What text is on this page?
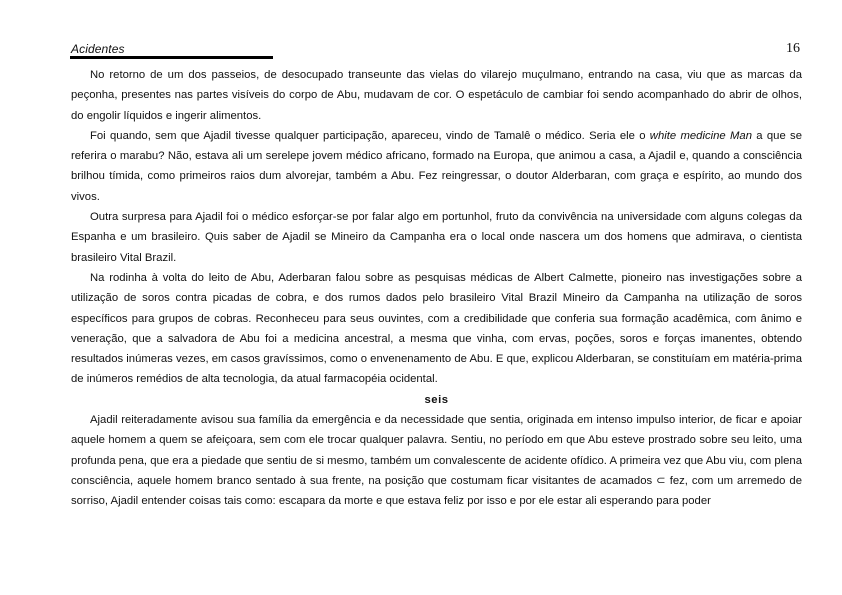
Acidentes	16

No retorno de um dos passeios, de desocupado transeunte das vielas do vilarejo muçulmano, entrando na casa, viu que as marcas da peçonha, presentes nas partes visíveis do corpo de Abu, mudavam de cor. O espetáculo de cambiar foi sendo acompanhado do abrir de olhos, do engolir líquidos e ingerir alimentos.

Foi quando, sem que Ajadil tivesse qualquer participação, apareceu, vindo de Tamalê o médico. Seria ele o white medicine Man a que se referira o marabu? Não, estava ali um serelepe jovem médico africano, formado na Europa, que animou a casa, a Ajadil e, quando a consciência brilhou tímida, como primeiros raios dum alvorejar, também a Abu. Fez reingressar, o doutor Alderbaran, com graça e espírito, ao mundo dos vivos.

Outra surpresa para Ajadil foi o médico esforçar-se por falar algo em portunhol, fruto da convivência na universidade com alguns colegas da Espanha e um brasileiro. Quis saber de Ajadil se Mineiro da Campanha era o local onde nascera um dos homens que admirava, o cientista brasileiro Vital Brazil.

Na rodinha à volta do leito de Abu, Aderbaran falou sobre as pesquisas médicas de Albert Calmette, pioneiro nas investigações sobre a utilização de soros contra picadas de cobra, e dos rumos dados pelo brasileiro Vital Brazil Mineiro da Campanha na utilização de soros específicos para grupos de cobras. Reconheceu para seus ouvintes, com a credibilidade que conferia sua formação acadêmica, com ânimo e veneração, que a salvadora de Abu foi a medicina ancestral, a mesma que vinha, com ervas, poções, soros e forças imanentes, obtendo resultados inúmeras vezes, em casos gravíssimos, como o envenenamento de Abu. E que, explicou Alderbaran, se constituíam em matéria-prima de inúmeros remédios de alta tecnologia, da atual farmacopéia ocidental.

seis

Ajadil reiteradamente avisou sua família da emergência e da necessidade que sentia, originada em intenso impulso interior, de ficar e apoiar aquele homem a quem se afeiçoara, sem com ele trocar qualquer palavra. Sentiu, no período em que Abu esteve prostrado sobre seu leito, uma profunda pena, que era a piedade que sentiu de si mesmo, também um convalescente de acidente ofídico. A primeira vez que Abu viu, com plena consciência, aquele homem branco sentado à sua frente, na posição que costumam ficar visitantes de acamados ⊂ fez, com um arremedo de sorriso, Ajadil entender coisas tais como: escapara da morte e que estava feliz por isso e por ele estar ali esperando para poder
